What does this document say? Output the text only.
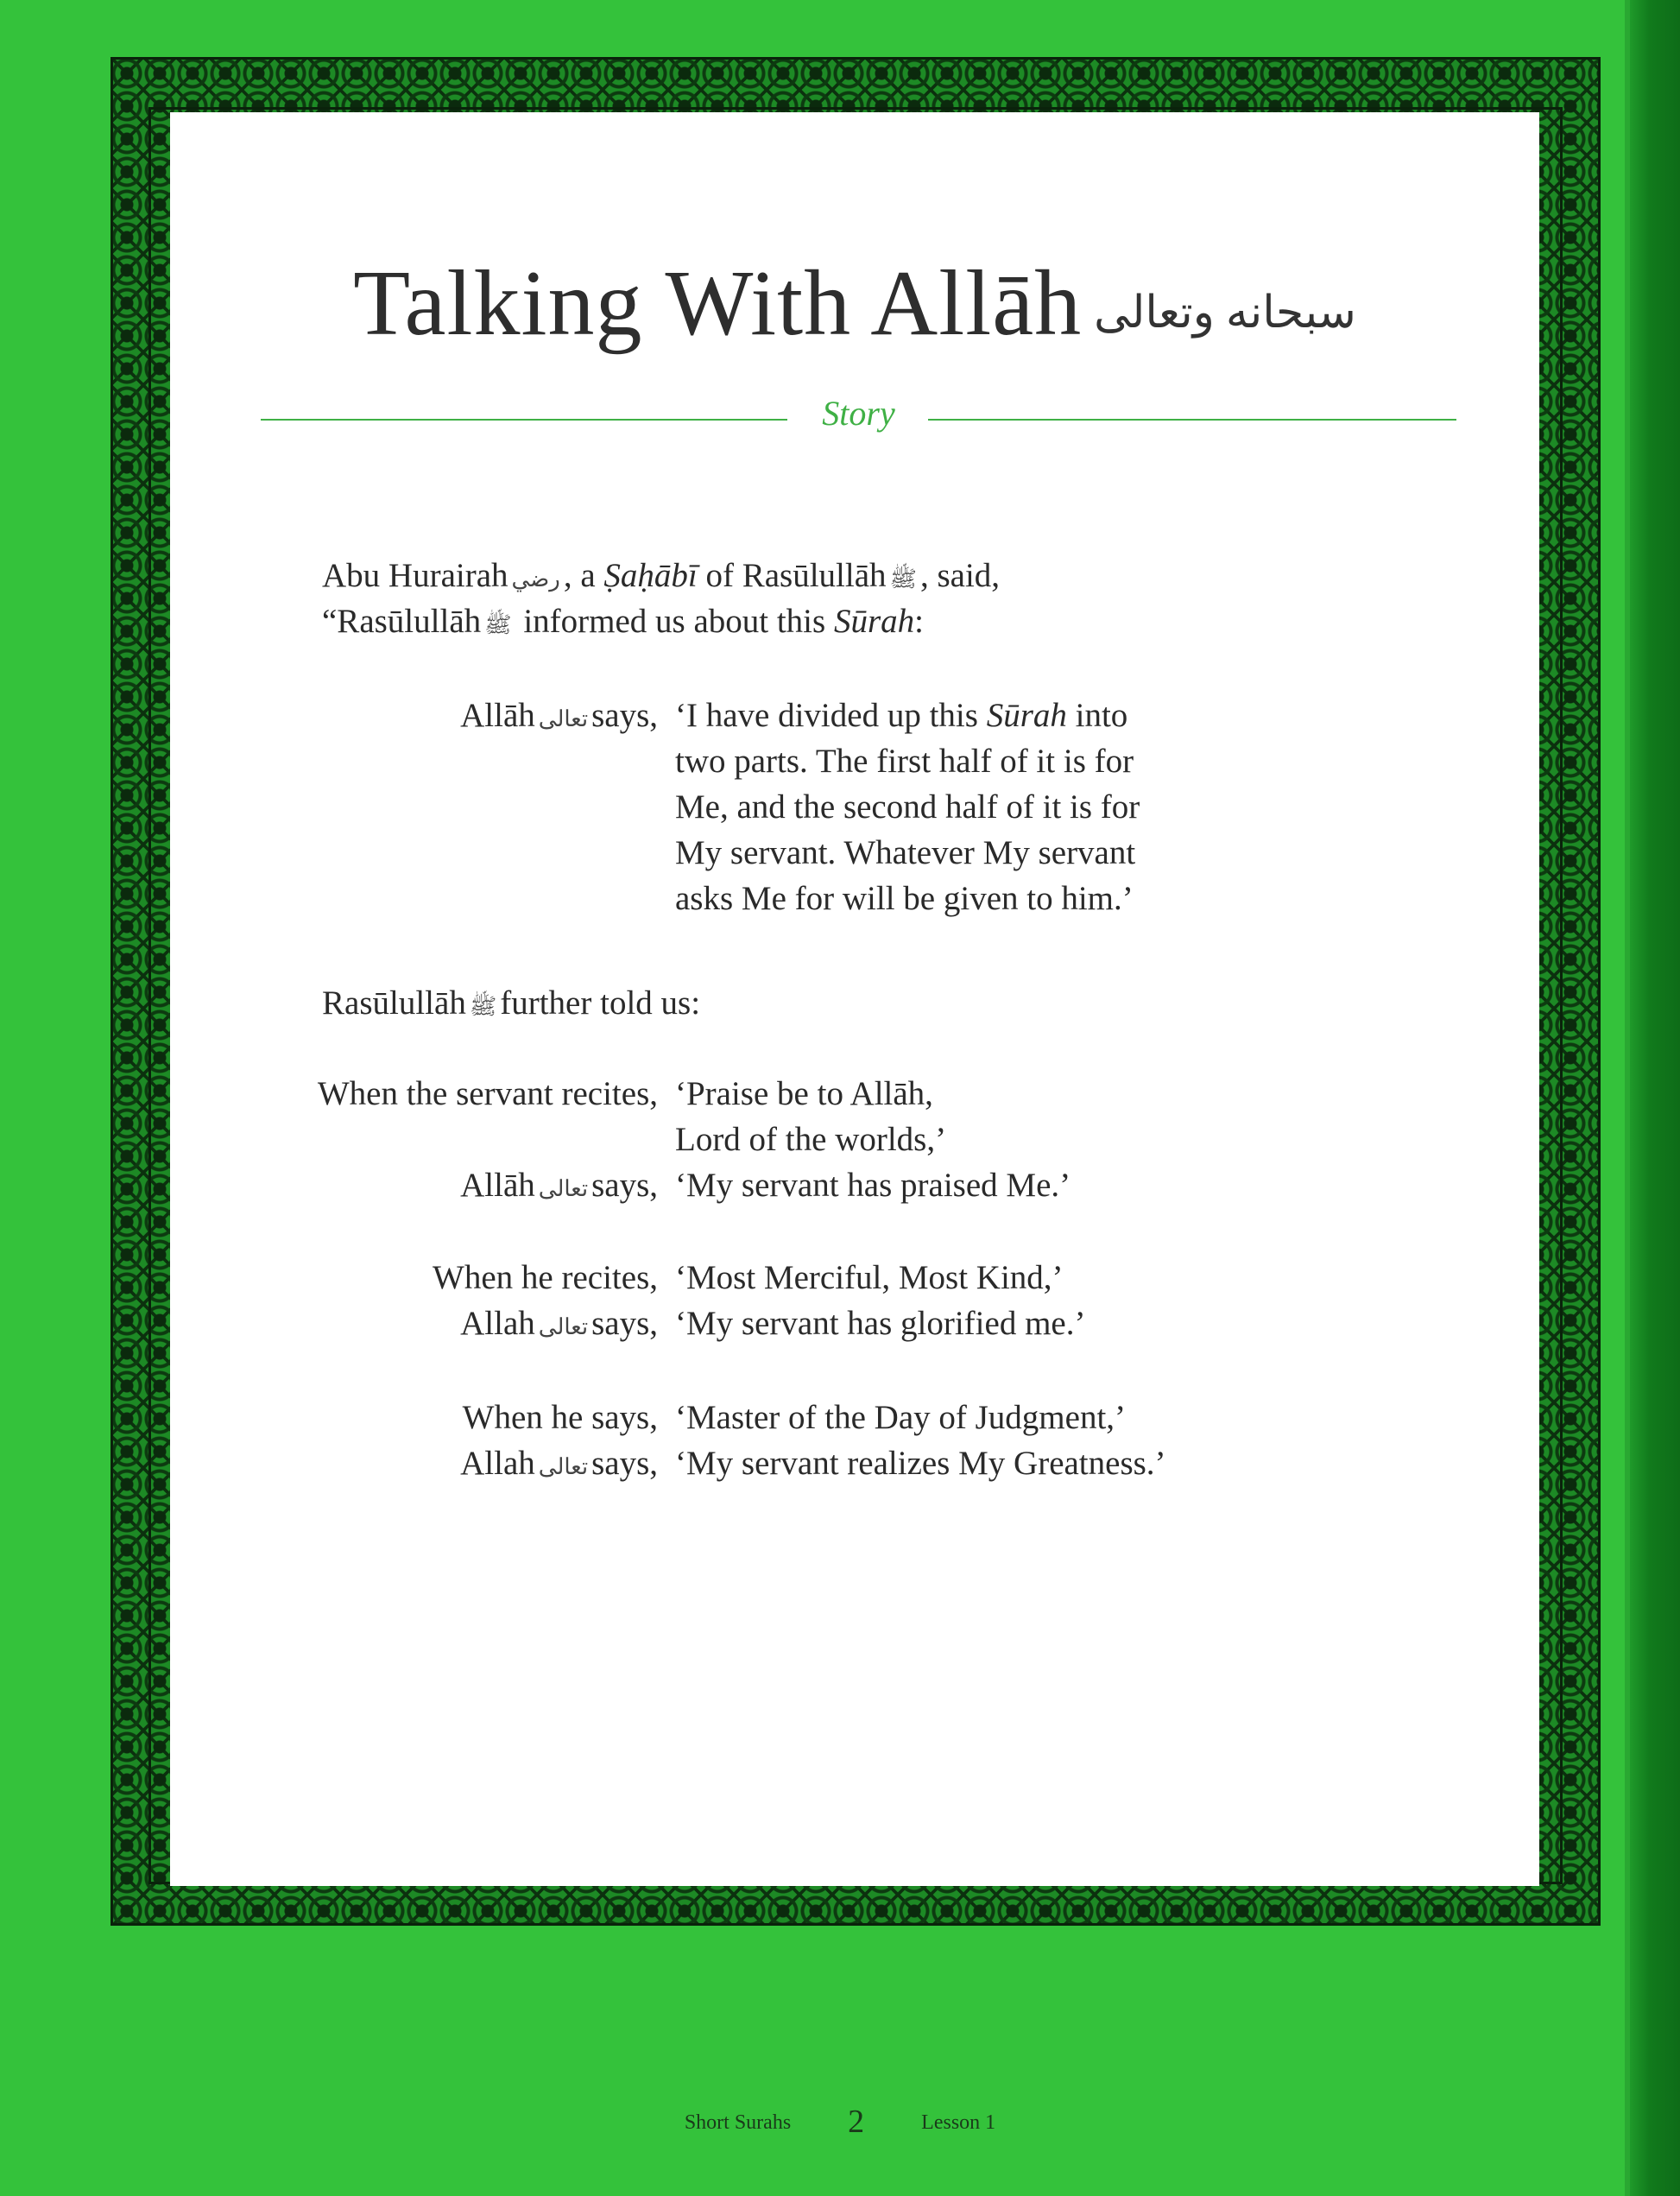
Talking With Allāh سبحانه وتعالى
Story
Abu Hurairah رضي , a Ṣaḥābī of Rasūlullāh ﷺ , said,
“Rasūlullāh ﷺ informed us about this Sūrah:
Allāh تعالى says, ‘I have divided up this Sūrah into
two parts. The first half of it is for
Me, and the second half of it is for
My servant. Whatever My servant
asks Me for will be given to him.’
Rasūlullāh ﷺ further told us:
When the servant recites, ‘Praise be to Allāh,
Lord of the worlds,’
Allāh تعالى says, ‘My servant has praised Me.’
When he recites, ‘Most Merciful, Most Kind,’
Allah تعالى says, ‘My servant has glorified me.’
When he says, ‘Master of the Day of Judgment,’
Allah تعالى says, ‘My servant realizes My Greatness.’
Short Surahs 2	Lesson 1
